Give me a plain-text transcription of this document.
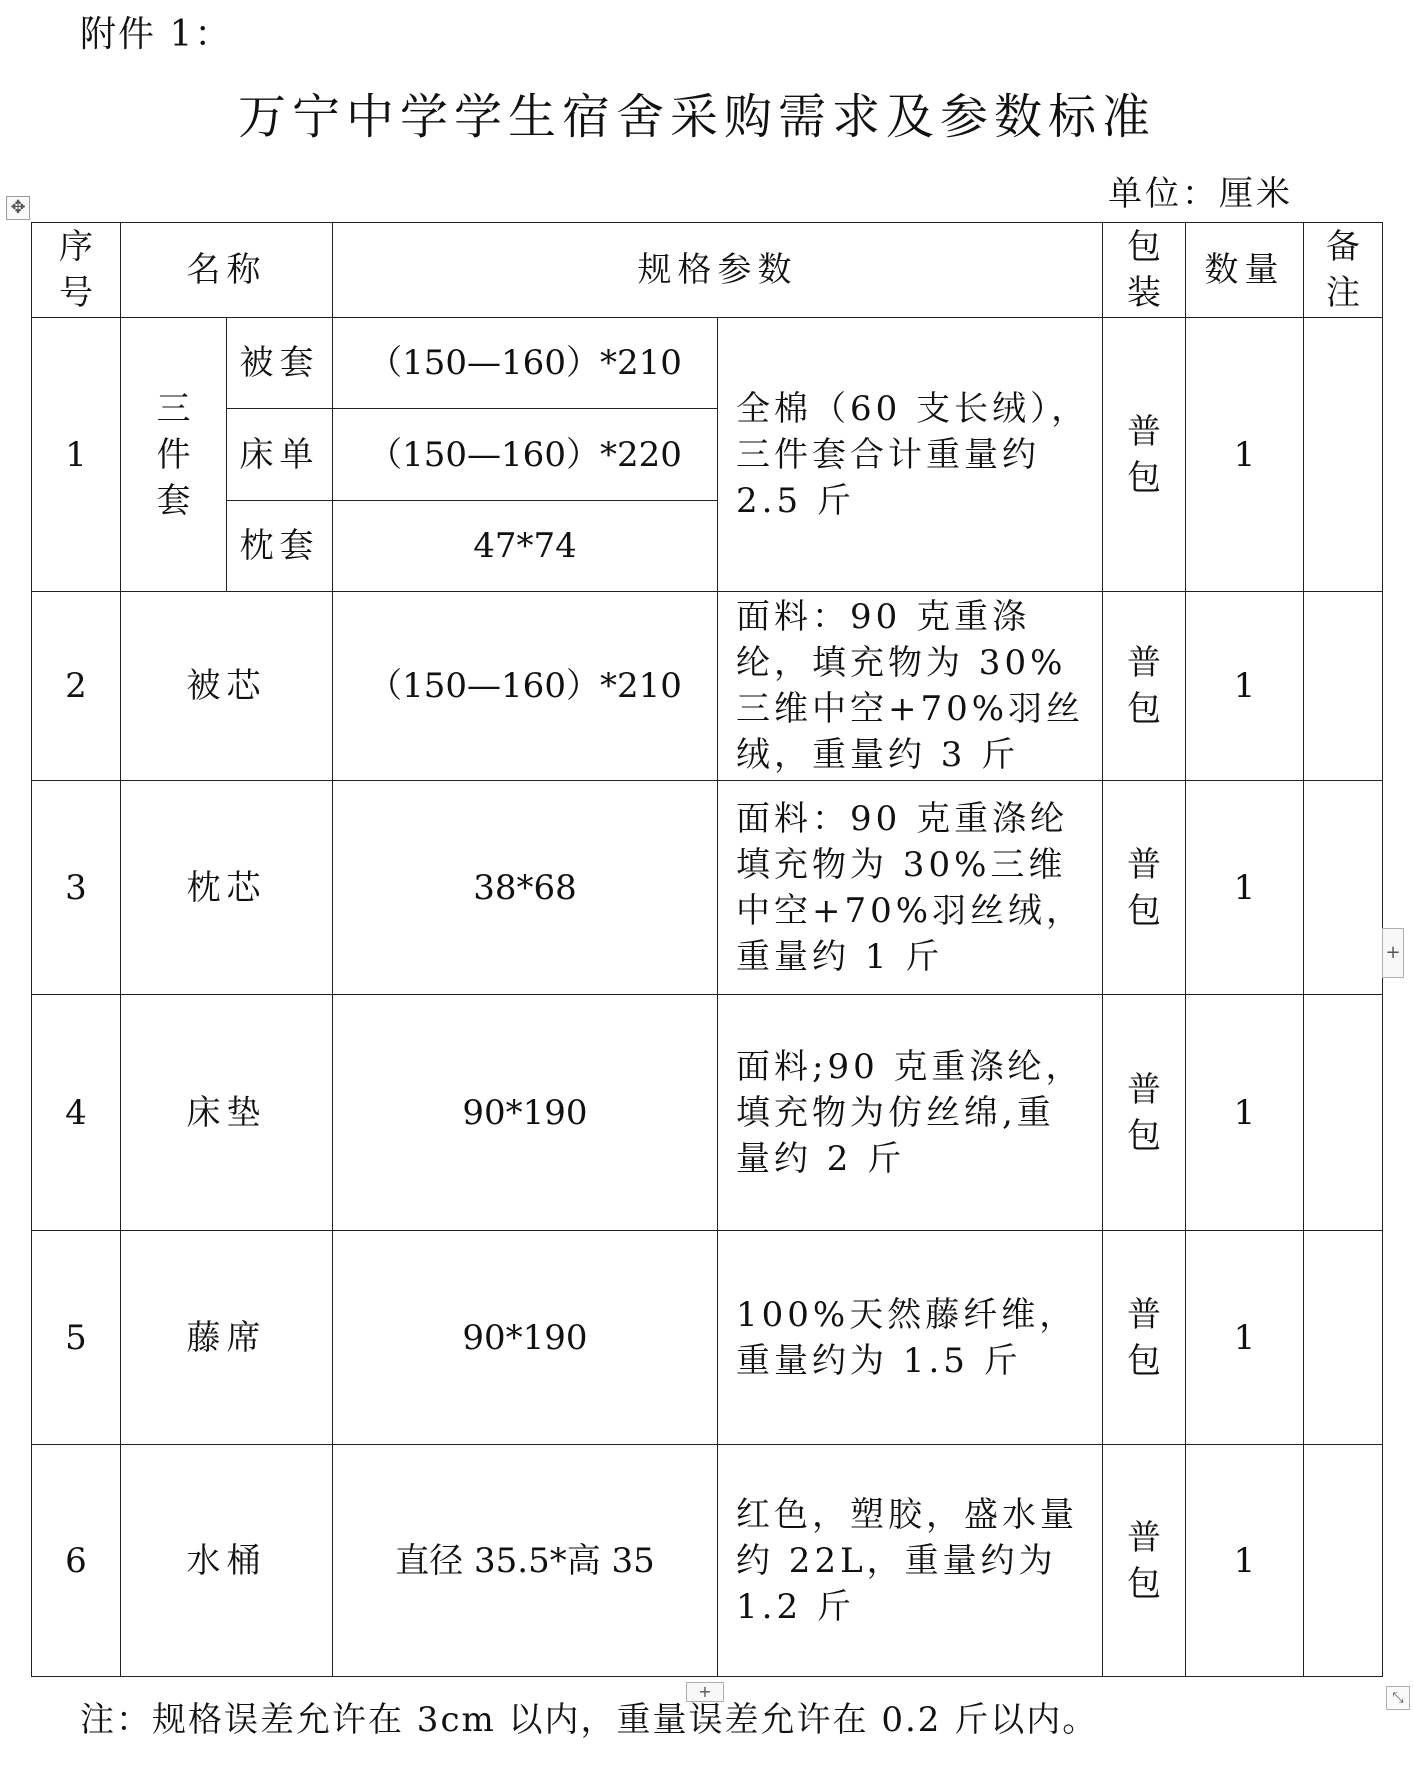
附件 1：
万宁中学学生宿舍采购需求及参数标准
单位：厘米
✥
序号	名称		规格参数		包装	数量	备注
1	三件套	被套	（150—160）*210	全棉（60 支长绒），三件套合计重量约 2.5 斤	普包	1	
		床单	（150—160）*220				
		枕套	47*74				
2	被芯		（150—160）*210	面料：90 克重涤纶，填充物为 30%三维中空+70%羽丝绒，重量约 3 斤	普包	1	
3	枕芯		38*68	面料：90 克重涤纶填充物为 30%三维中空+70%羽丝绒，重量约 1 斤	普包	1	
4	床垫		90*190	面料;90 克重涤纶，填充物为仿丝绵,重量约 2 斤	普包	1	
5	藤席		90*190	100%天然藤纤维，重量约为 1.5 斤	普包	1	
6	水桶		直径 35.5*高 35	红色，塑胶，盛水量约 22L，重量约为 1.2 斤	普包	1	
+
+	⤡
注：规格误差允许在 3cm 以内，重量误差允许在 0.2 斤以内。
